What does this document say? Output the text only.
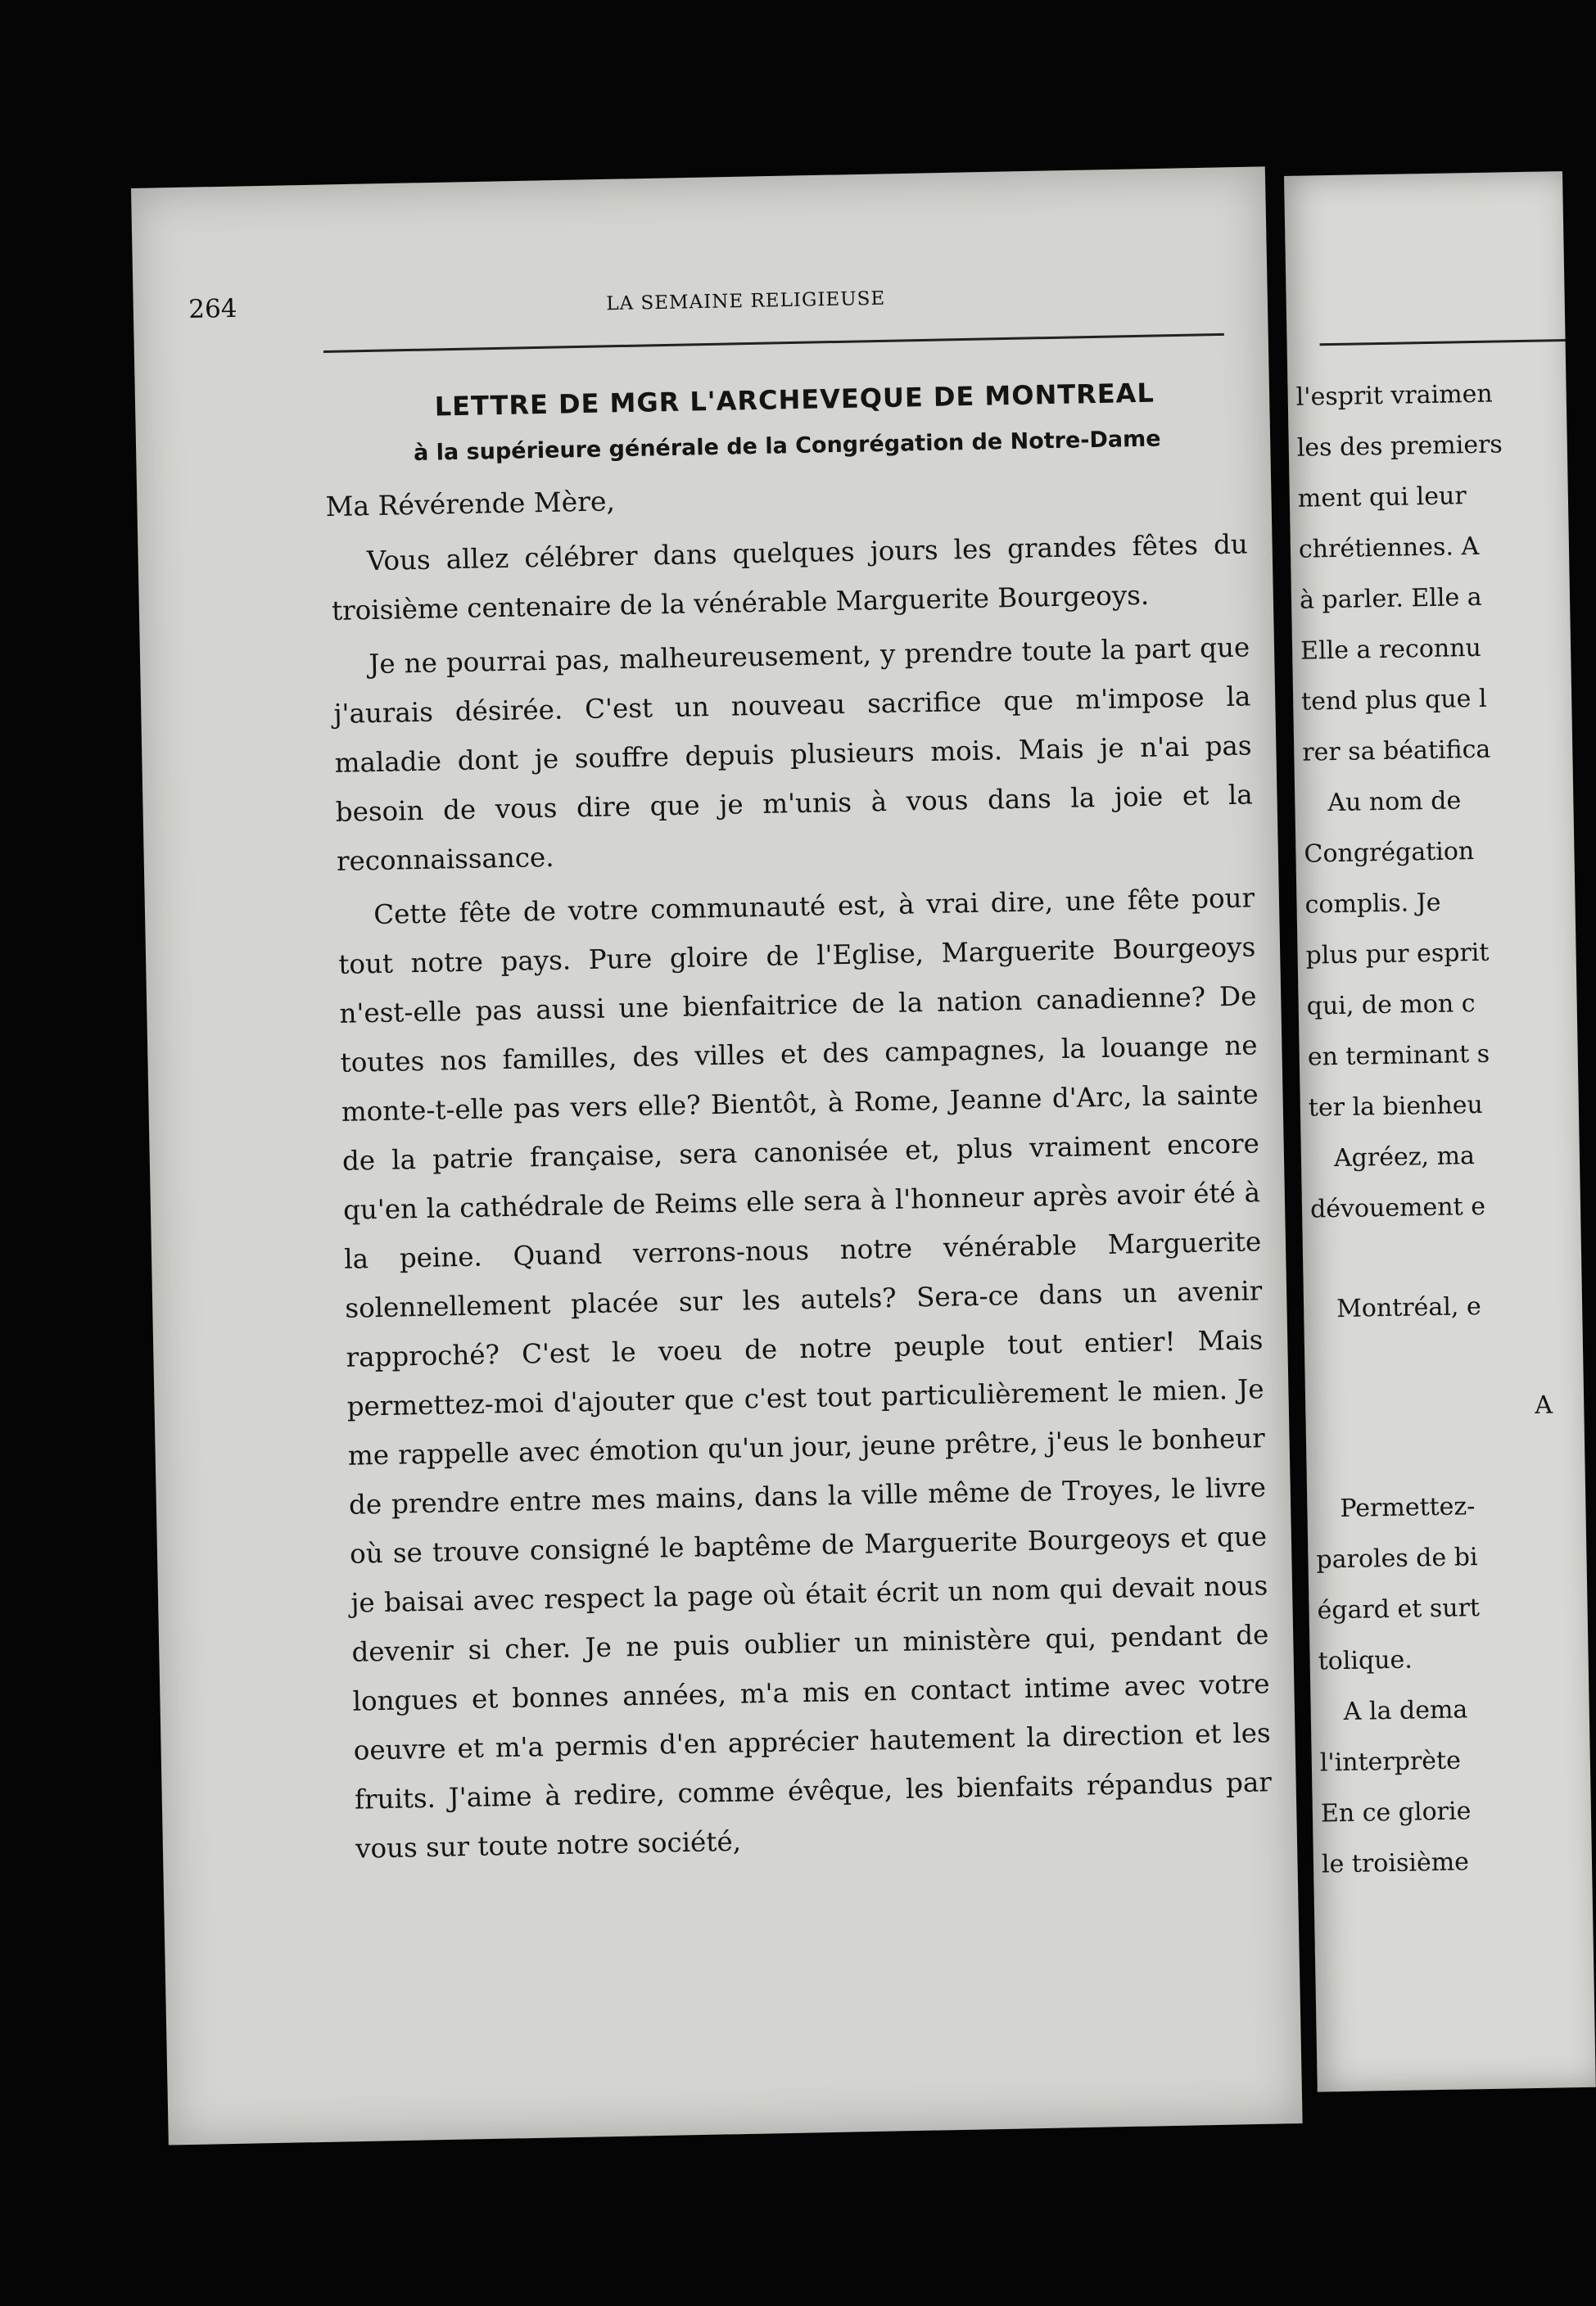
264	LA SEMAINE RELIGIEUSE
LETTRE DE MGR L'ARCHEVEQUE DE MONTREAL
à la supérieure générale de la Congrégation de Notre-Dame
Ma Révérende Mère,

Vous allez célébrer dans quelques jours les grandes fêtes du troisième centenaire de la vénérable Marguerite Bourgeoys.

Je ne pourrai pas, malheureusement, y prendre toute la part que j'aurais désirée. C'est un nouveau sacrifice que m'impose la maladie dont je souffre depuis plusieurs mois. Mais je n'ai pas besoin de vous dire que je m'unis à vous dans la joie et la reconnaissance.

Cette fête de votre communauté est, à vrai dire, une fête pour tout notre pays. Pure gloire de l'Eglise, Marguerite Bourgeoys n'est-elle pas aussi une bienfaitrice de la nation canadienne? De toutes nos familles, des villes et des campagnes, la louange ne monte-t-elle pas vers elle? Bientôt, à Rome, Jeanne d'Arc, la sainte de la patrie française, sera canonisée et, plus vraiment encore qu'en la cathédrale de Reims elle sera à l'honneur après avoir été à la peine. Quand verrons-nous notre vénérable Marguerite solennellement placée sur les autels? Sera-ce dans un avenir rapproché? C'est le voeu de notre peuple tout entier! Mais permettez-moi d'ajouter que c'est tout particulièrement le mien. Je me rappelle avec émotion qu'un jour, jeune prêtre, j'eus le bonheur de prendre entre mes mains, dans la ville même de Troyes, le livre où se trouve consigné le baptême de Marguerite Bourgeoys et que je baisai avec respect la page où était écrit un nom qui devait nous devenir si cher. Je ne puis oublier un ministère qui, pendant de longues et bonnes années, m'a mis en contact intime avec votre oeuvre et m'a permis d'en apprécier hautement la direction et les fruits. J'aime à redire, comme évêque, les bienfaits répandus par vous sur toute notre société,

l'esprit vraimen
les des premiers
ment qui leur
chrétiennes. A
à parler. Elle a
Elle a reconnu
tend plus que l
rer sa béatifica
Au nom de
Congrégation
complis. Je
plus pur esprit
qui, de mon c
en terminant s
ter la bienheu
Agréez, ma
dévouement e
Montréal, e
A
Permettez-
paroles de bi
égard et surt
tolique.
A la dema
l'interprète
En ce glorie
le troisième
